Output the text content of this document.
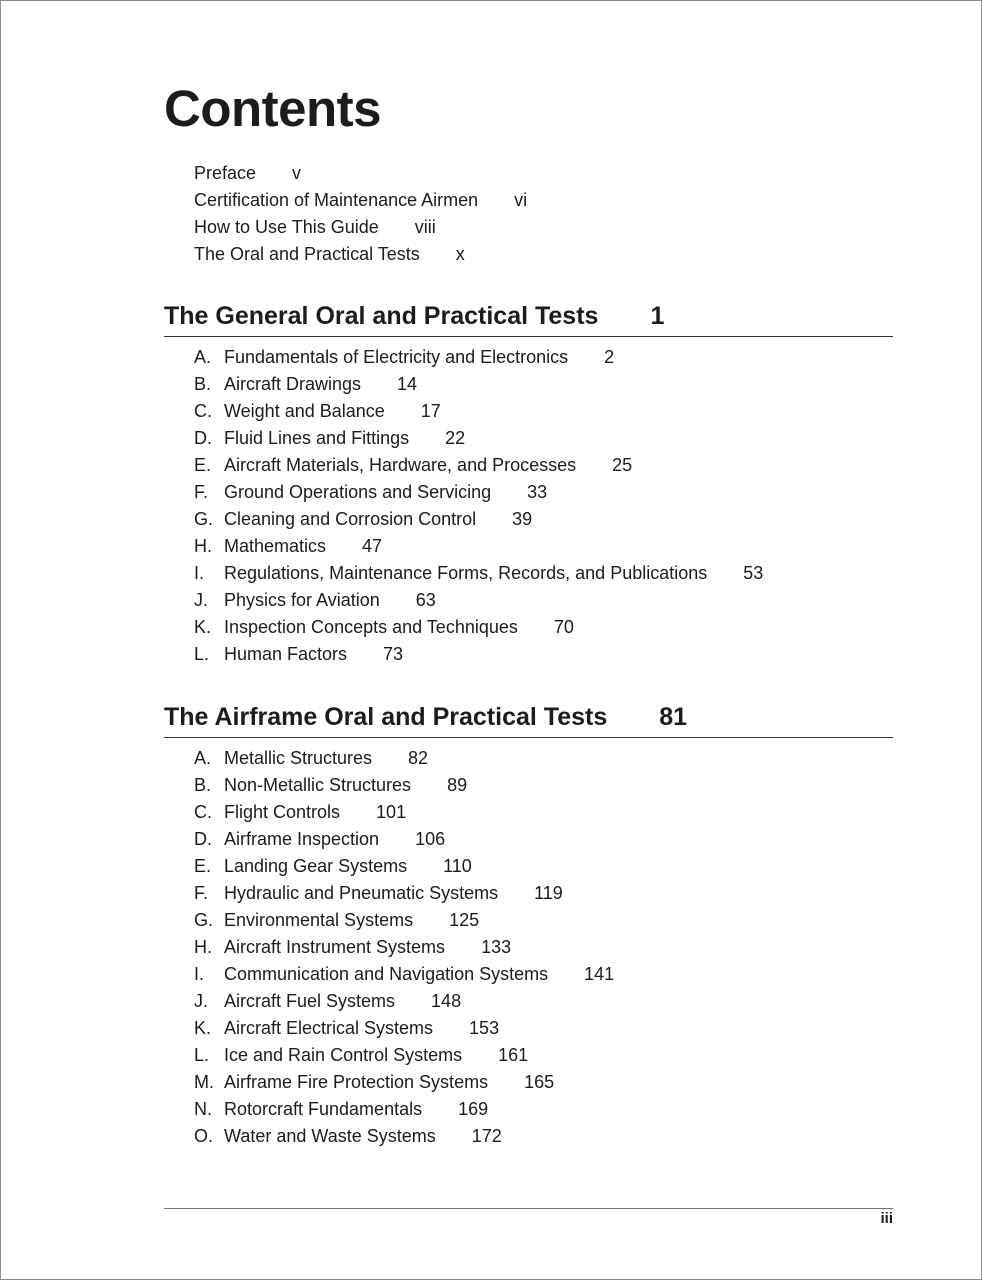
Contents
Preface v
Certification of Maintenance Airmen vi
How to Use This Guide viii
The Oral and Practical Tests x
The General Oral and Practical Tests 1
A. Fundamentals of Electricity and Electronics 2
B. Aircraft Drawings 14
C. Weight and Balance 17
D. Fluid Lines and Fittings 22
E. Aircraft Materials, Hardware, and Processes 25
F. Ground Operations and Servicing 33
G. Cleaning and Corrosion Control 39
H. Mathematics 47
I. Regulations, Maintenance Forms, Records, and Publications 53
J. Physics for Aviation 63
K. Inspection Concepts and Techniques 70
L. Human Factors 73
The Airframe Oral and Practical Tests 81
A. Metallic Structures 82
B. Non-Metallic Structures 89
C. Flight Controls 101
D. Airframe Inspection 106
E. Landing Gear Systems 110
F. Hydraulic and Pneumatic Systems 119
G. Environmental Systems 125
H. Aircraft Instrument Systems 133
I. Communication and Navigation Systems 141
J. Aircraft Fuel Systems 148
K. Aircraft Electrical Systems 153
L. Ice and Rain Control Systems 161
M. Airframe Fire Protection Systems 165
N. Rotorcraft Fundamentals 169
O. Water and Waste Systems 172
iii
